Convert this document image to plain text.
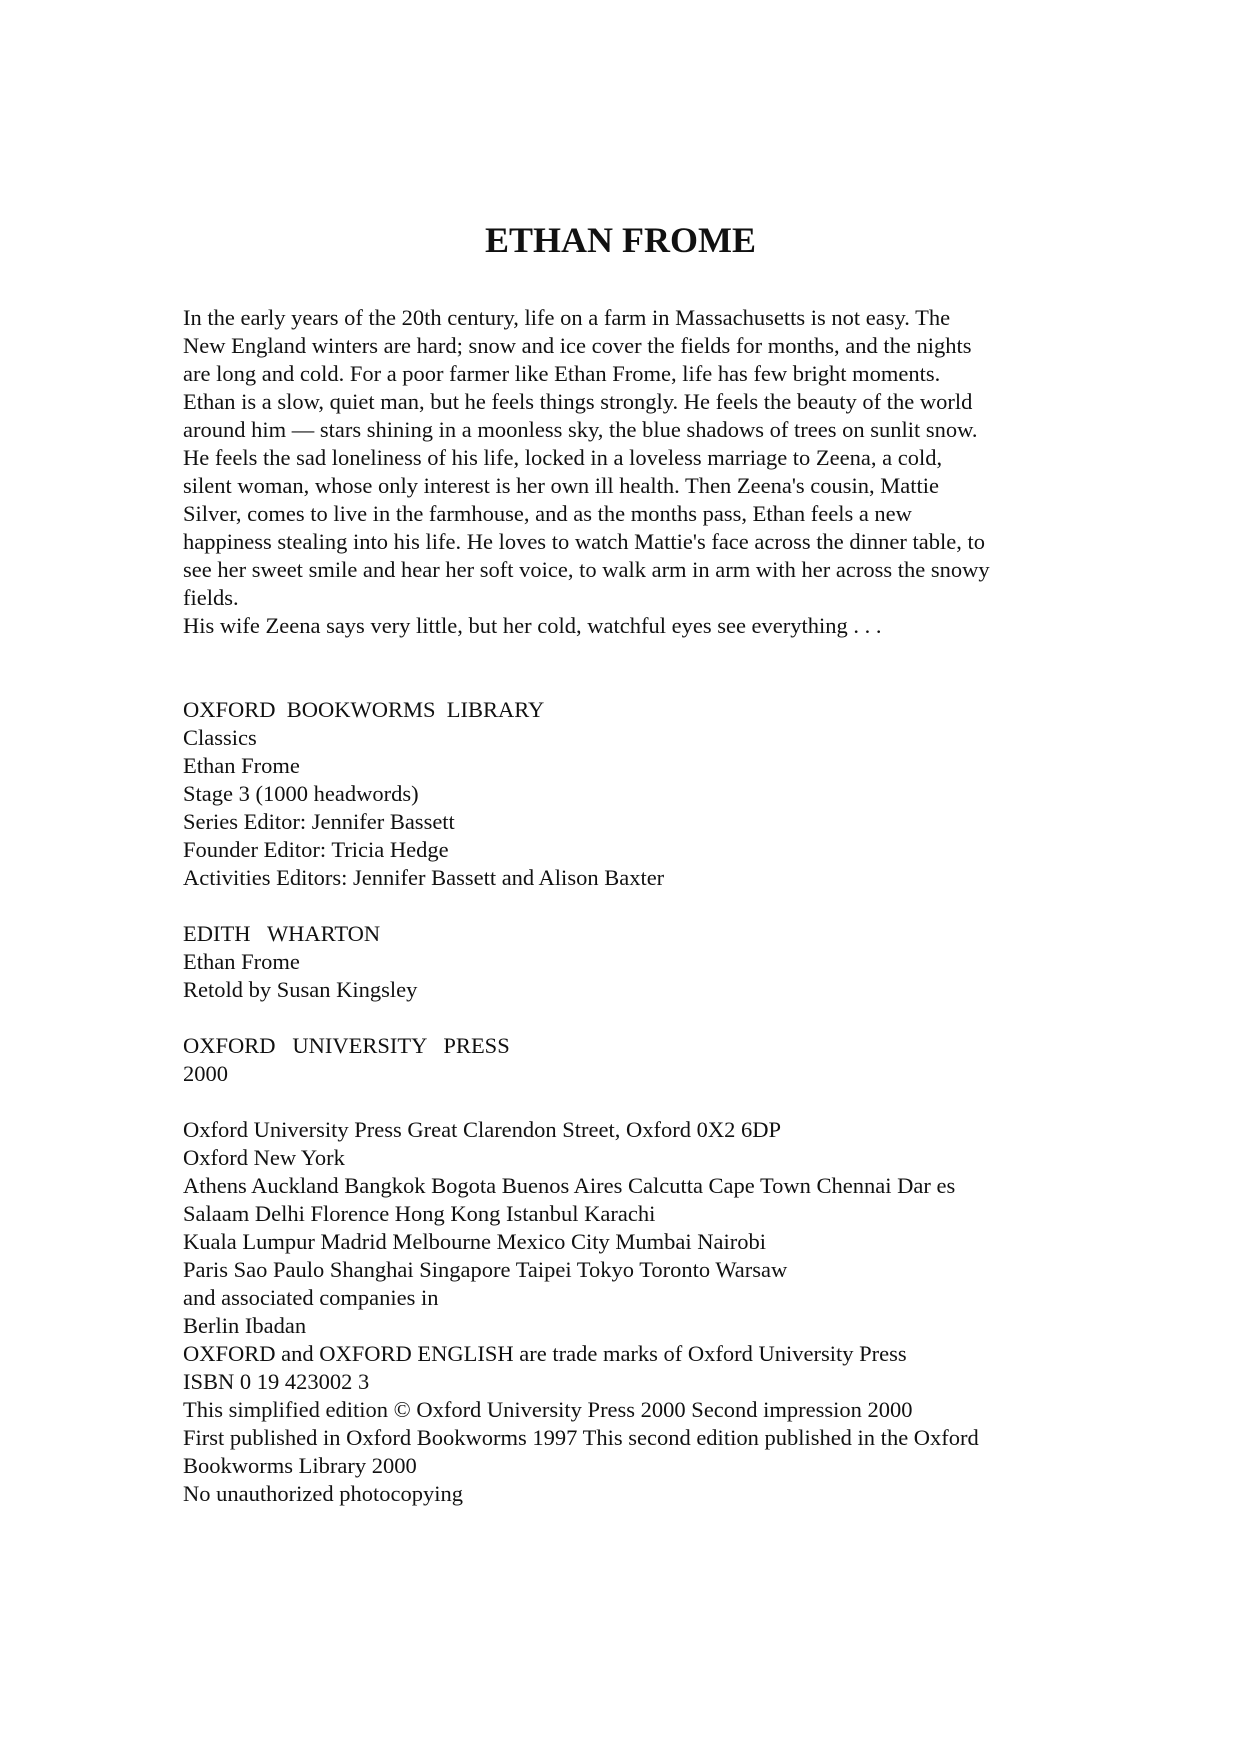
ETHAN FROME
In the early years of the 20th century, life on a farm in Massachusetts is not easy. The
New England winters are hard; snow and ice cover the fields for months, and the nights
are long and cold. For a poor farmer like Ethan Frome, life has few bright moments.
Ethan is a slow, quiet man, but he feels things strongly. He feels the beauty of the world
around him — stars shining in a moonless sky, the blue shadows of trees on sunlit snow.
He feels the sad loneliness of his life, locked in a loveless marriage to Zeena, a cold,
silent woman, whose only interest is her own ill health. Then Zeena's cousin, Mattie
Silver, comes to live in the farmhouse, and as the months pass, Ethan feels a new
happiness stealing into his life. He loves to watch Mattie's face across the dinner table, to
see her sweet smile and hear her soft voice, to walk arm in arm with her across the snowy
fields.
His wife Zeena says very little, but her cold, watchful eyes see everything . . .
OXFORD  BOOKWORMS  LIBRARY
Classics
Ethan Frome
Stage 3 (1000 headwords)
Series Editor: Jennifer Bassett
Founder Editor: Tricia Hedge
Activities Editors: Jennifer Bassett and Alison Baxter
EDITH   WHARTON
Ethan Frome
Retold by Susan Kingsley
OXFORD   UNIVERSITY   PRESS
2000
Oxford University Press Great Clarendon Street, Oxford 0X2 6DP
Oxford New York
Athens Auckland Bangkok Bogota Buenos Aires Calcutta Cape Town Chennai Dar es
Salaam Delhi Florence Hong Kong Istanbul Karachi
Kuala Lumpur Madrid Melbourne Mexico City Mumbai Nairobi
Paris Sao Paulo Shanghai Singapore Taipei Tokyo Toronto Warsaw
and associated companies in
Berlin Ibadan
OXFORD and OXFORD ENGLISH are trade marks of Oxford University Press
ISBN 0 19 423002 3
This simplified edition © Oxford University Press 2000 Second impression 2000
First published in Oxford Bookworms 1997 This second edition published in the Oxford
Bookworms Library 2000
No unauthorized photocopying
